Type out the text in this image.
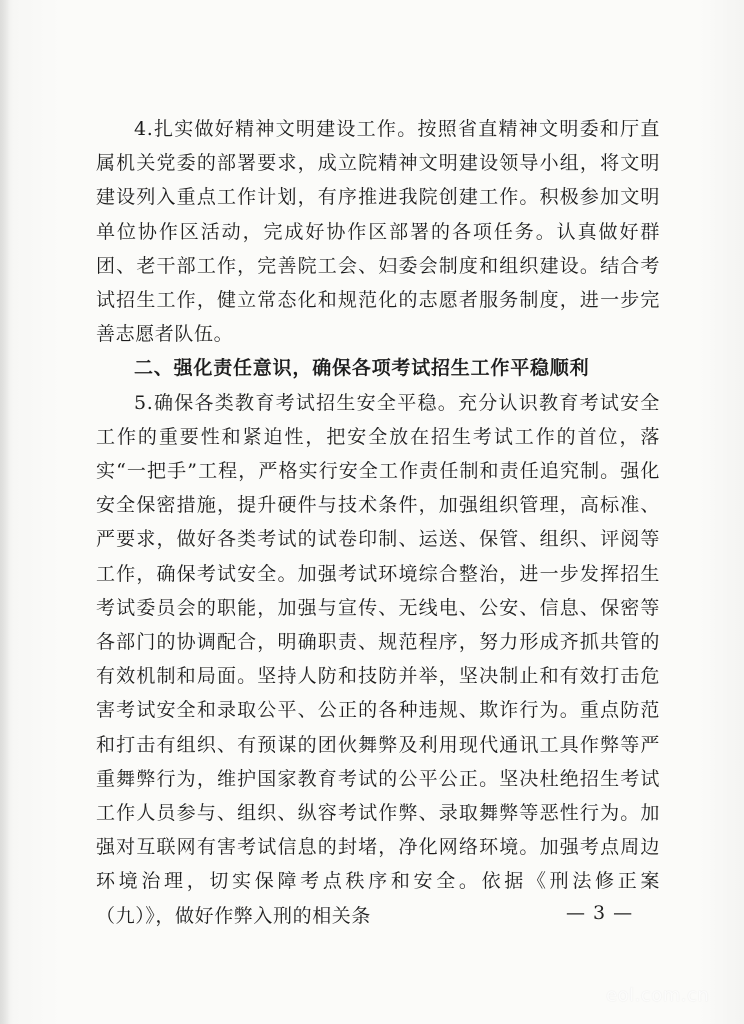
4.扎实做好精神文明建设工作。按照省直精神文明委和厅直属机关党委的部署要求，成立院精神文明建设领导小组，将文明建设列入重点工作计划，有序推进我院创建工作。积极参加文明单位协作区活动，完成好协作区部署的各项任务。认真做好群团、老干部工作，完善院工会、妇委会制度和组织建设。结合考试招生工作，健立常态化和规范化的志愿者服务制度，进一步完善志愿者队伍。

二、强化责任意识，确保各项考试招生工作平稳顺利

5.确保各类教育考试招生安全平稳。充分认识教育考试安全工作的重要性和紧迫性，把安全放在招生考试工作的首位，落实“一把手”工程，严格实行安全工作责任制和责任追究制。强化安全保密措施，提升硬件与技术条件，加强组织管理，高标准、严要求，做好各类考试的试卷印制、运送、保管、组织、评阅等工作，确保考试安全。加强考试环境综合整治，进一步发挥招生考试委员会的职能，加强与宣传、无线电、公安、信息、保密等各部门的协调配合，明确职责、规范程序，努力形成齐抓共管的有效机制和局面。坚持人防和技防并举，坚决制止和有效打击危害考试安全和录取公平、公正的各种违规、欺诈行为。重点防范和打击有组织、有预谋的团伙舞弊及利用现代通讯工具作弊等严重舞弊行为，维护国家教育考试的公平公正。坚决杜绝招生考试工作人员参与、组织、纵容考试作弊、录取舞弊等恶性行为。加强对互联网有害考试信息的封堵，净化网络环境。加强考点周边环境治理，切实保障考点秩序和安全。依据《刑法修正案（九）》，做好作弊入刑的相关条	— 3 —
eol.com.cn
